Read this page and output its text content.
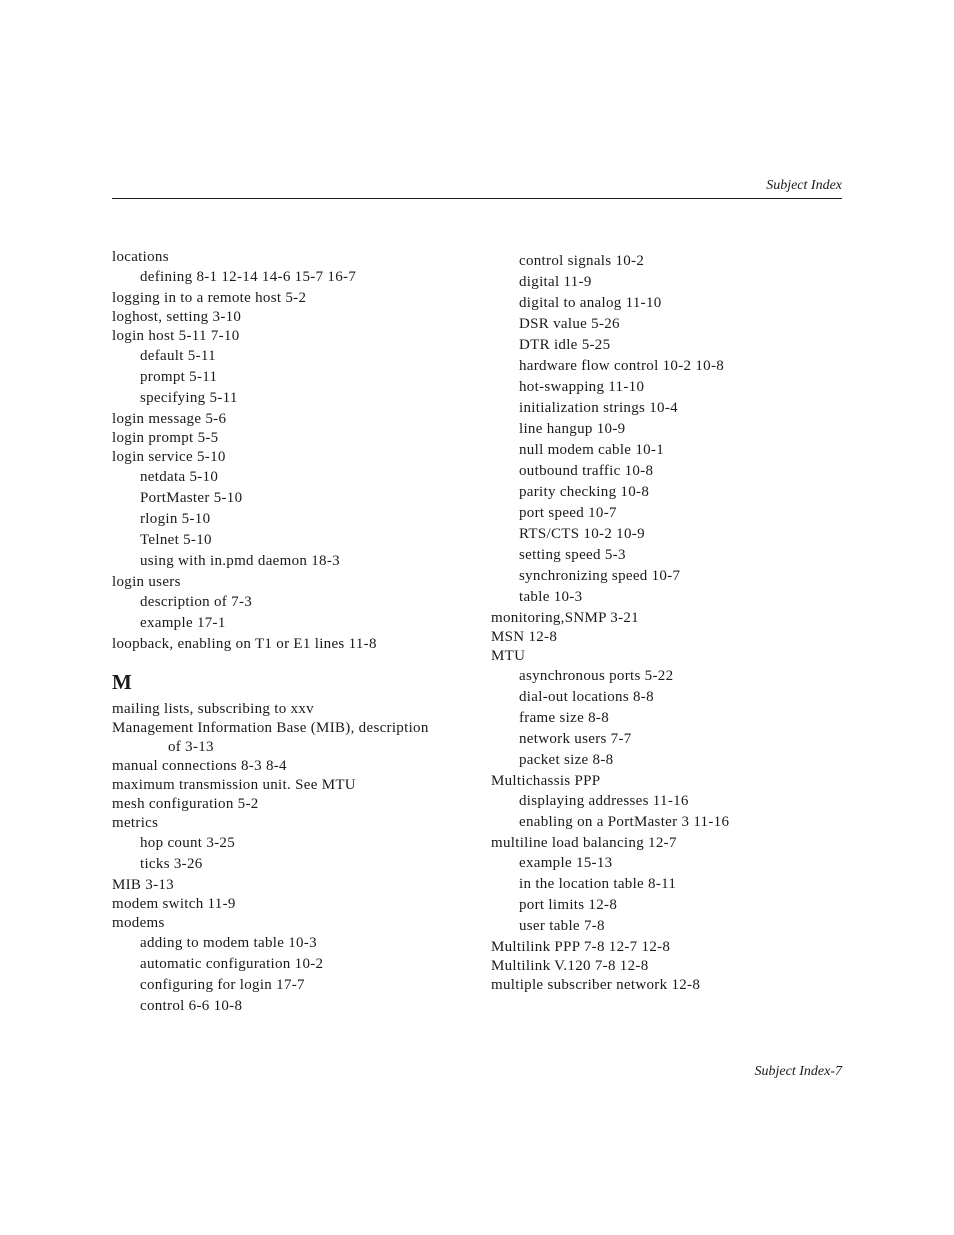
Subject Index
locations
defining 8-1 12-14 14-6 15-7 16-7
logging in to a remote host 5-2
loghost, setting 3-10
login host 5-11 7-10
default 5-11
prompt 5-11
specifying 5-11
login message 5-6
login prompt 5-5
login service 5-10
netdata 5-10
PortMaster 5-10
rlogin 5-10
Telnet 5-10
using with in.pmd daemon 18-3
login users
description of 7-3
example 17-1
loopback, enabling on T1 or E1 lines 11-8
M
mailing lists, subscribing to xxv
Management Information Base (MIB), description
of 3-13
manual connections 8-3 8-4
maximum transmission unit. See MTU
mesh configuration 5-2
metrics
hop count 3-25
ticks 3-26
MIB 3-13
modem switch 11-9
modems
adding to modem table 10-3
automatic configuration 10-2
configuring for login 17-7
control 6-6 10-8
control signals 10-2
digital 11-9
digital to analog 11-10
DSR value 5-26
DTR idle 5-25
hardware flow control 10-2 10-8
hot-swapping 11-10
initialization strings 10-4
line hangup 10-9
null modem cable 10-1
outbound traffic 10-8
parity checking 10-8
port speed 10-7
RTS/CTS 10-2 10-9
setting speed 5-3
synchronizing speed 10-7
table 10-3
monitoring,SNMP 3-21
MSN 12-8
MTU
asynchronous ports 5-22
dial-out locations 8-8
frame size 8-8
network users 7-7
packet size 8-8
Multichassis PPP
displaying addresses 11-16
enabling on a PortMaster 3 11-16
multiline load balancing 12-7
example 15-13
in the location table 8-11
port limits 12-8
user table 7-8
Multilink PPP 7-8 12-7 12-8
Multilink V.120 7-8 12-8
multiple subscriber network 12-8
Subject Index-7
